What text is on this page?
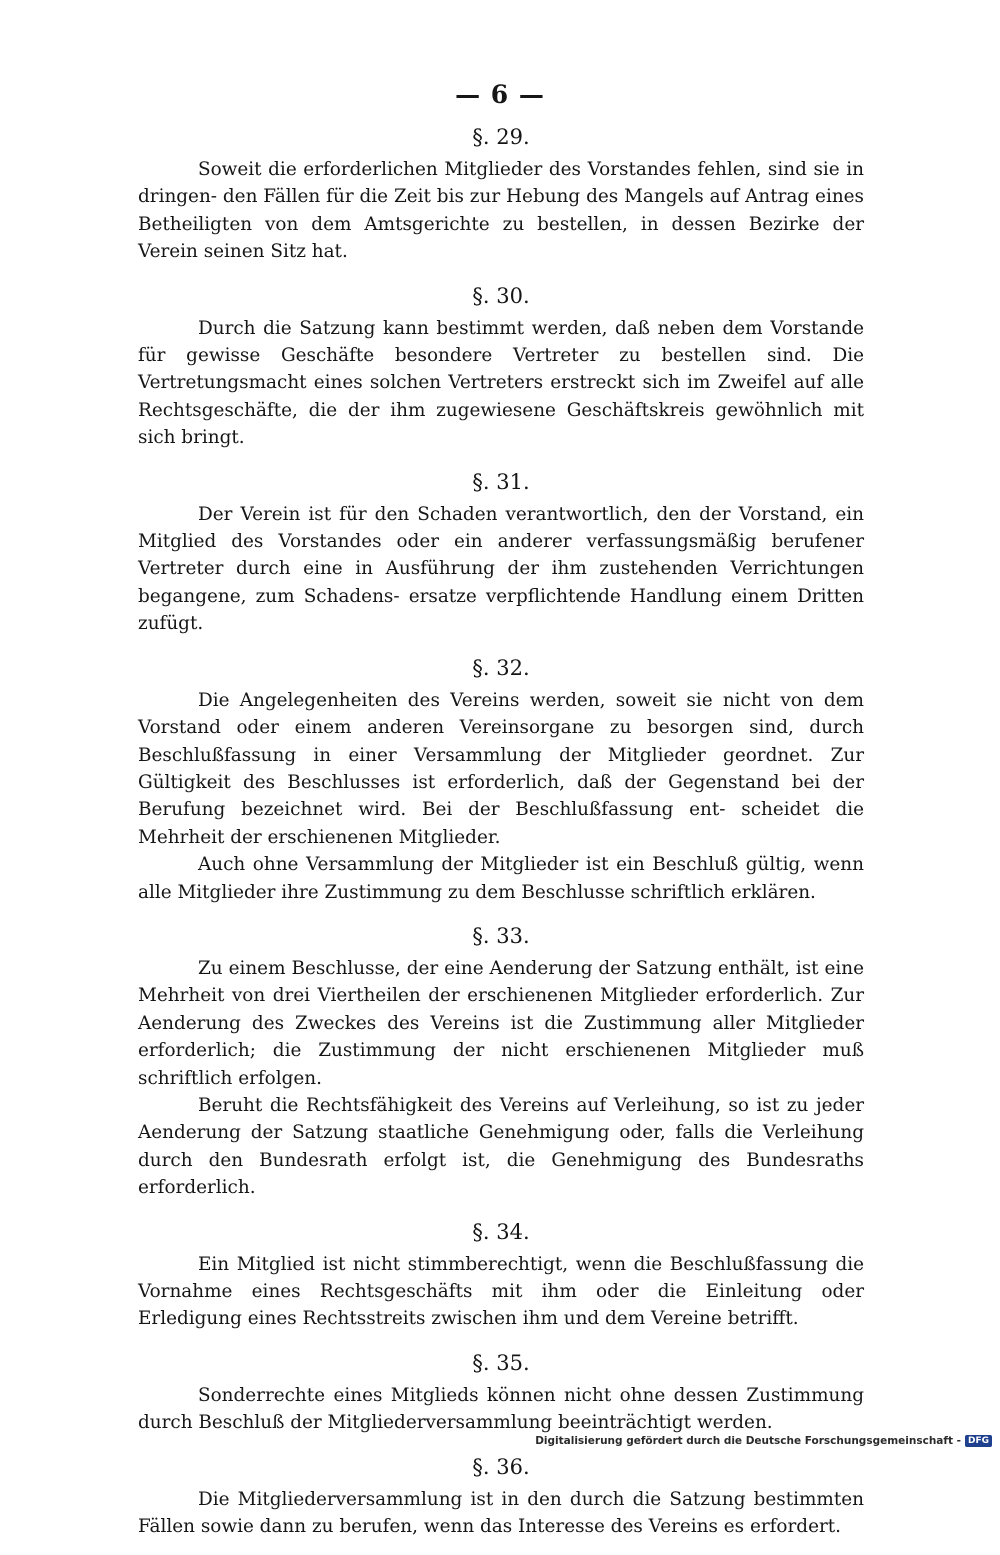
— 6 —
§. 29.

Soweit die erforderlichen Mitglieder des Vorstandes fehlen, sind sie in dringen- den Fällen für die Zeit bis zur Hebung des Mangels auf Antrag eines Betheiligten von dem Amtsgerichte zu bestellen, in dessen Bezirke der Verein seinen Sitz hat.

§. 30.

Durch die Satzung kann bestimmt werden, daß neben dem Vorstande für gewisse Geschäfte besondere Vertreter zu bestellen sind. Die Vertretungsmacht eines solchen Vertreters erstreckt sich im Zweifel auf alle Rechtsgeschäfte, die der ihm zugewiesene Geschäftskreis gewöhnlich mit sich bringt.

§. 31.

Der Verein ist für den Schaden verantwortlich, den der Vorstand, ein Mitglied des Vorstandes oder ein anderer verfassungsmäßig berufener Vertreter durch eine in Ausführung der ihm zustehenden Verrichtungen begangene, zum Schadens- ersatze verpflichtende Handlung einem Dritten zufügt.

§. 32.

Die Angelegenheiten des Vereins werden, soweit sie nicht von dem Vorstand oder einem anderen Vereinsorgane zu besorgen sind, durch Beschlußfassung in einer Versammlung der Mitglieder geordnet. Zur Gültigkeit des Beschlusses ist erforderlich, daß der Gegenstand bei der Berufung bezeichnet wird. Bei der Beschlußfassung ent- scheidet die Mehrheit der erschienenen Mitglieder.

Auch ohne Versammlung der Mitglieder ist ein Beschluß gültig, wenn alle Mitglieder ihre Zustimmung zu dem Beschlusse schriftlich erklären.

§. 33.

Zu einem Beschlusse, der eine Aenderung der Satzung enthält, ist eine Mehrheit von drei Viertheilen der erschienenen Mitglieder erforderlich. Zur Aenderung des Zweckes des Vereins ist die Zustimmung aller Mitglieder erforderlich; die Zustimmung der nicht erschienenen Mitglieder muß schriftlich erfolgen.

Beruht die Rechtsfähigkeit des Vereins auf Verleihung, so ist zu jeder Aenderung der Satzung staatliche Genehmigung oder, falls die Verleihung durch den Bundesrath erfolgt ist, die Genehmigung des Bundesraths erforderlich.

§. 34.

Ein Mitglied ist nicht stimmberechtigt, wenn die Beschlußfassung die Vornahme eines Rechtsgeschäfts mit ihm oder die Einleitung oder Erledigung eines Rechtsstreits zwischen ihm und dem Vereine betrifft.

§. 35.

Sonderrechte eines Mitglieds können nicht ohne dessen Zustimmung durch Beschluß der Mitgliederversammlung beeinträchtigt werden.

§. 36.

Die Mitgliederversammlung ist in den durch die Satzung bestimmten Fällen sowie dann zu berufen, wenn das Interesse des Vereins es erfordert.

Digitalisierung gefördert durch die Deutsche Forschungsgemeinschaft - DFG
